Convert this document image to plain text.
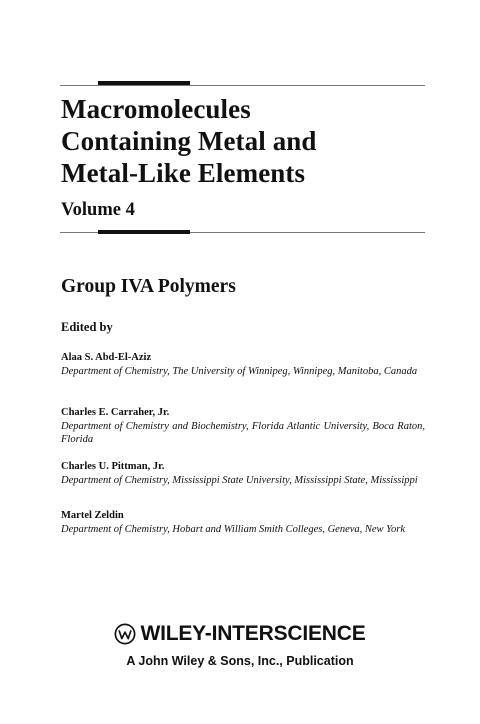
Macromolecules
Containing Metal and
Metal-Like Elements
Volume 4
Group IVA Polymers
Edited by
Alaa S. Abd-El-Aziz
Department of Chemistry, The University of Winnipeg, Winnipeg, Manitoba, Canada
Charles E. Carraher, Jr.
Department of Chemistry and Biochemistry, Florida Atlantic University, Boca Raton, Florida
Charles U. Pittman, Jr.
Department of Chemistry, Mississippi State University, Mississippi State, Mississippi
Martel Zeldin
Department of Chemistry, Hobart and William Smith Colleges, Geneva, New York
WILEY-INTERSCIENCE
A John Wiley & Sons, Inc., Publication
